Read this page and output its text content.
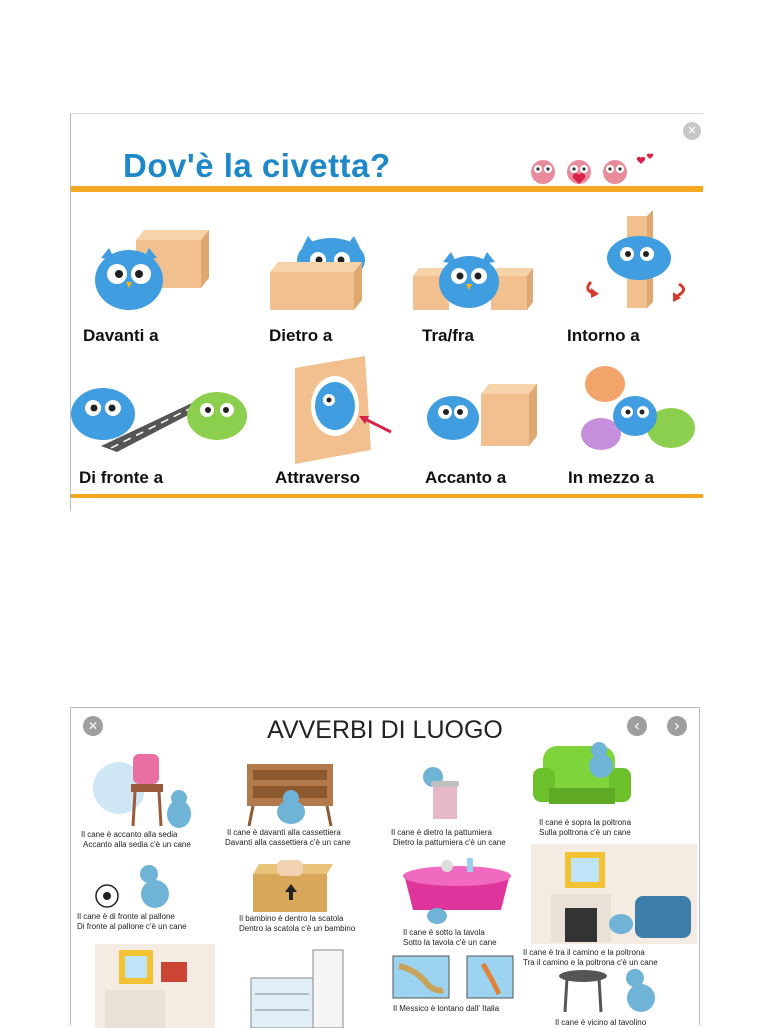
Dov'è la civetta?
✕
Davanti a	Dietro a	Tra/fra	Intorno a
Di fronte a	Attraverso	Accanto a	In mezzo a
✕	AVVERBI DI LUOGO	‹	›
Il cane è accanto alla sedia
Accanto alla sedia c'è un cane
Il cane è davanti alla cassettiera
Davanti alla cassettiera c'è un cane
Il cane è dietro la pattumiera
Dietro la pattumiera c'è un cane
Il cane è sopra la poltrona
Sulla poltrona c'è un cane
Il cane è di fronte al pallone
Di fronte al pallone c'è un cane
Il bambino è dentro la scatola
Dentro la scatola c'è un bambino	Il cane è sotto la tavola
Sotto la tavola c'è un cane
Il cane è tra il camino e la poltrona
Tra il camino e la poltrona c'è un cane
Il Messico è lontano dall' Italia
Il cane è vicino al tavolino
